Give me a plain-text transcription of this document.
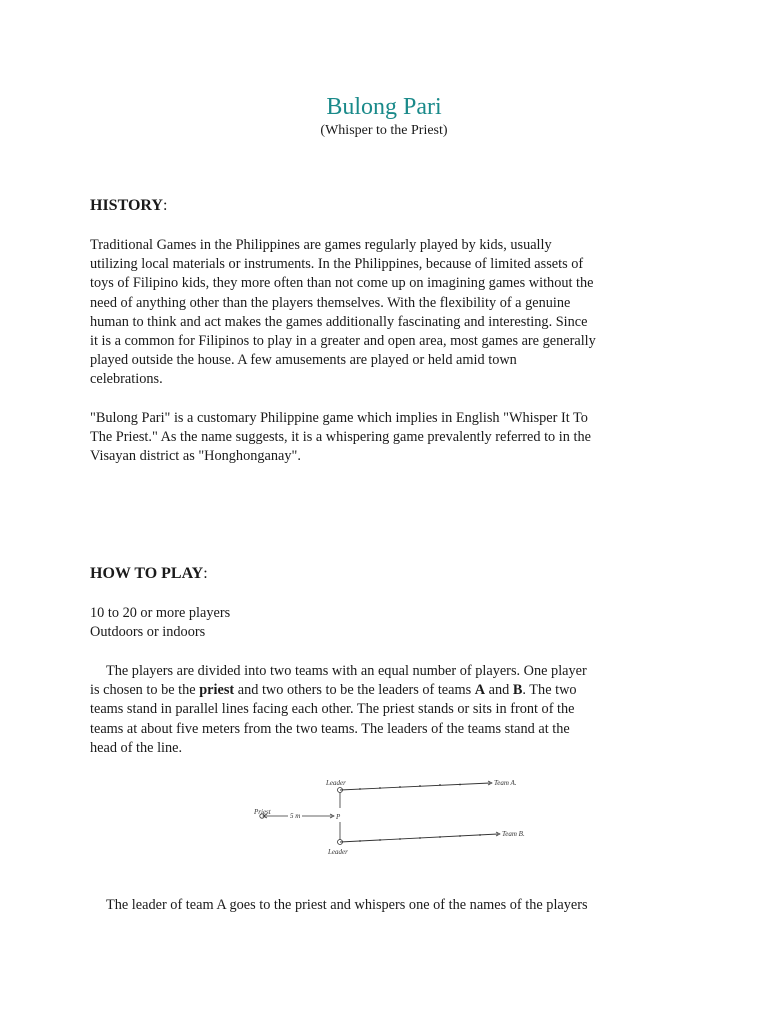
Bulong Pari
(Whisper to the Priest)
HISTORY:
Traditional Games in the Philippines are games regularly played by kids, usually
utilizing local materials or instruments. In the Philippines, because of limited assets of
toys of Filipino kids, they more often than not come up on imagining games without the
need of anything other than the players themselves. With the flexibility of a genuine
human to think and act makes the games additionally fascinating and interesting. Since
it is a common for Filipinos to play in a greater and open area, most games are generally
played outside the house. A few amusements are played or held amid town
celebrations.
"Bulong Pari" is a customary Philippine game which implies in English "Whisper It To
The Priest." As the name suggests, it is a whispering game prevalently referred to in the
Visayan district as "Honghonganay".
HOW TO PLAY:
10 to 20 or more players
Outdoors or indoors
The players are divided into two teams with an equal number of players. One player
is chosen to be the priest and two others to be the leaders of teams A and B. The two
teams stand in parallel lines facing each other. The priest stands or sits in front of the
teams at about five meters from the two teams. The leaders of the teams stand at the
head of the line.
Leader
Leader
Team A.
Team B.
Priest	5 m	P
The leader of team A goes to the priest and whispers one of the names of the players
